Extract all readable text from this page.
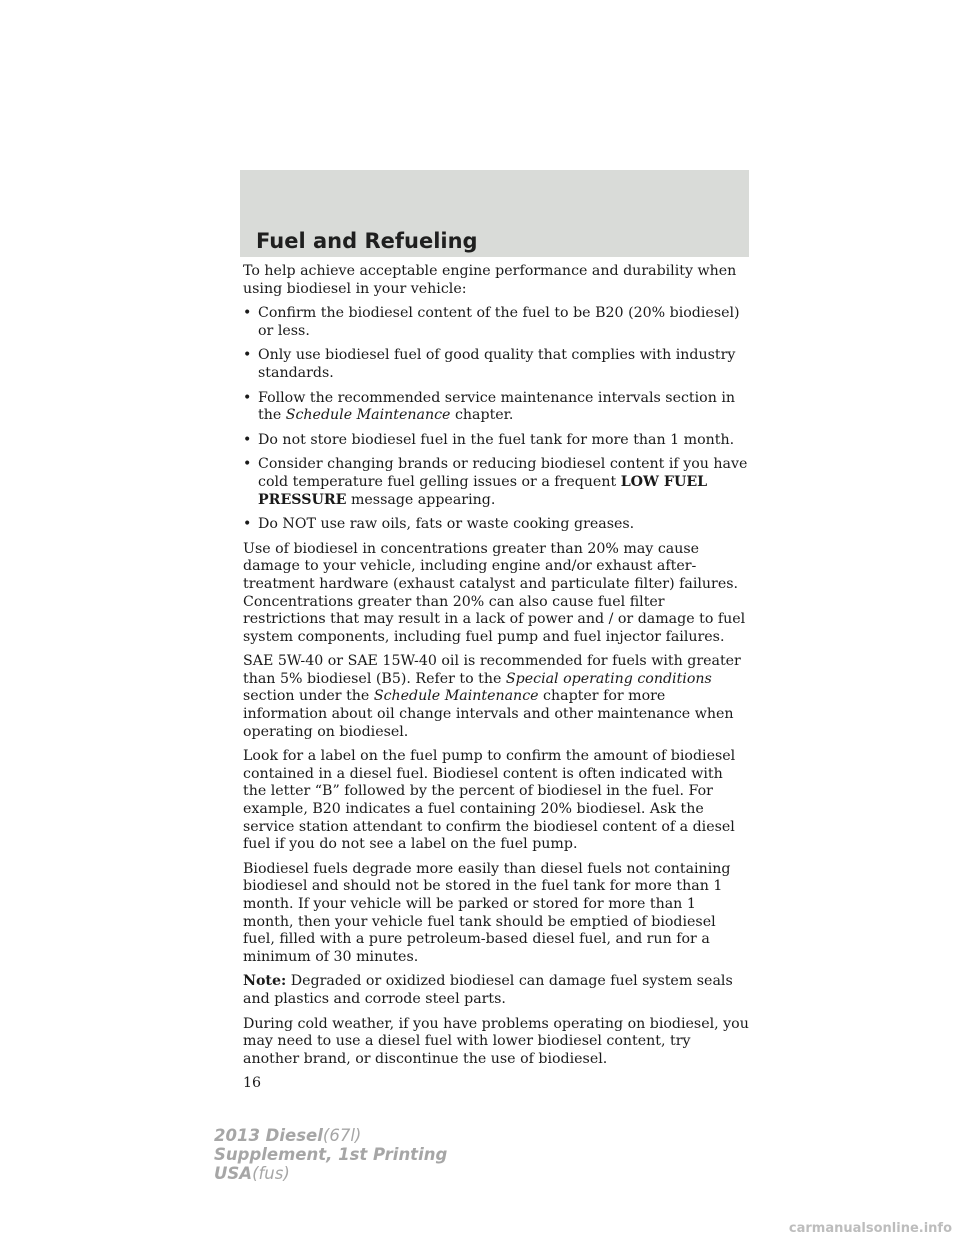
Fuel and Refueling

To help achieve acceptable engine performance and durability when using biodiesel in your vehicle:

• Confirm the biodiesel content of the fuel to be B20 (20% biodiesel) or less.
• Only use biodiesel fuel of good quality that complies with industry standards.
• Follow the recommended service maintenance intervals section in the Schedule Maintenance chapter.
• Do not store biodiesel fuel in the fuel tank for more than 1 month.
• Consider changing brands or reducing biodiesel content if you have cold temperature fuel gelling issues or a frequent LOW FUEL PRESSURE message appearing.
• Do NOT use raw oils, fats or waste cooking greases.

Use of biodiesel in concentrations greater than 20% may cause damage to your vehicle, including engine and/or exhaust after-treatment hardware (exhaust catalyst and particulate filter) failures. Concentrations greater than 20% can also cause fuel filter restrictions that may result in a lack of power and / or damage to fuel system components, including fuel pump and fuel injector failures.

SAE 5W-40 or SAE 15W-40 oil is recommended for fuels with greater than 5% biodiesel (B5). Refer to the Special operating conditions section under the Schedule Maintenance chapter for more information about oil change intervals and other maintenance when operating on biodiesel.

Look for a label on the fuel pump to confirm the amount of biodiesel contained in a diesel fuel. Biodiesel content is often indicated with the letter “B” followed by the percent of biodiesel in the fuel. For example, B20 indicates a fuel containing 20% biodiesel. Ask the service station attendant to confirm the biodiesel content of a diesel fuel if you do not see a label on the fuel pump.

Biodiesel fuels degrade more easily than diesel fuels not containing biodiesel and should not be stored in the fuel tank for more than 1 month. If your vehicle will be parked or stored for more than 1 month, then your vehicle fuel tank should be emptied of biodiesel fuel, filled with a pure petroleum-based diesel fuel, and run for a minimum of 30 minutes.

Note: Degraded or oxidized biodiesel can damage fuel system seals and plastics and corrode steel parts.

During cold weather, if you have problems operating on biodiesel, you may need to use a diesel fuel with lower biodiesel content, try another brand, or discontinue the use of biodiesel.

16
2013 Diesel(67l)
Supplement, 1st Printing
USA(fus)
carmanualsonline.info
